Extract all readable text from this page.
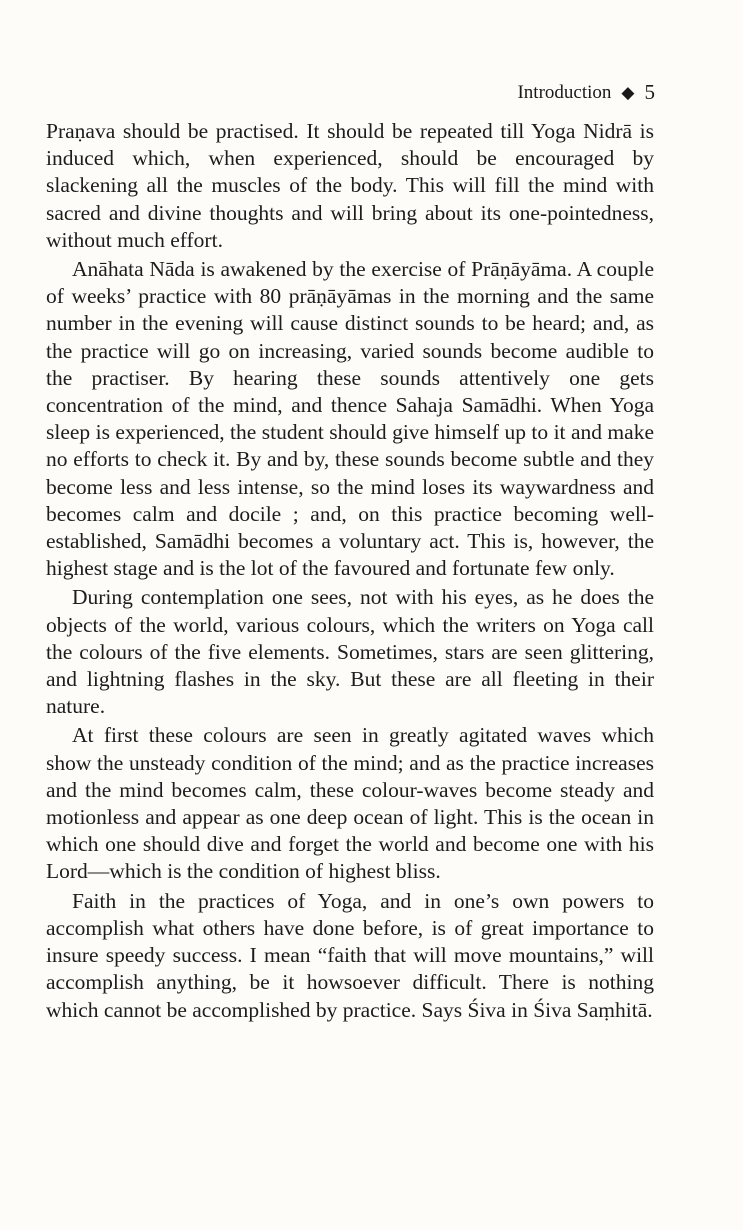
Introduction ◆ 5

Praṇava should be practised. It should be repeated till Yoga Nidrā is induced which, when experienced, should be encouraged by slackening all the muscles of the body. This will fill the mind with sacred and divine thoughts and will bring about its one-pointedness, without much effort.

Anāhata Nāda is awakened by the exercise of Prāṇāyāma. A couple of weeks’ practice with 80 prāṇāyāmas in the morning and the same number in the evening will cause distinct sounds to be heard; and, as the practice will go on increasing, varied sounds become audible to the practiser. By hearing these sounds attentively one gets concentration of the mind, and thence Sahaja Samādhi. When Yoga sleep is experienced, the student should give himself up to it and make no efforts to check it. By and by, these sounds become subtle and they become less and less intense, so the mind loses its waywardness and becomes calm and docile ; and, on this practice becoming well-established, Samādhi becomes a voluntary act. This is, however, the highest stage and is the lot of the favoured and fortunate few only.

During contemplation one sees, not with his eyes, as he does the objects of the world, various colours, which the writers on Yoga call the colours of the five elements. Sometimes, stars are seen glittering, and lightning flashes in the sky. But these are all fleeting in their nature.

At first these colours are seen in greatly agitated waves which show the unsteady condition of the mind; and as the practice increases and the mind becomes calm, these colour-waves become steady and motionless and appear as one deep ocean of light. This is the ocean in which one should dive and forget the world and become one with his Lord—which is the condition of highest bliss.

Faith in the practices of Yoga, and in one’s own powers to accomplish what others have done before, is of great importance to insure speedy success. I mean “faith that will move mountains,” will accomplish anything, be it howsoever difficult. There is nothing which cannot be accomplished by practice. Says Śiva in Śiva Saṃhitā.
